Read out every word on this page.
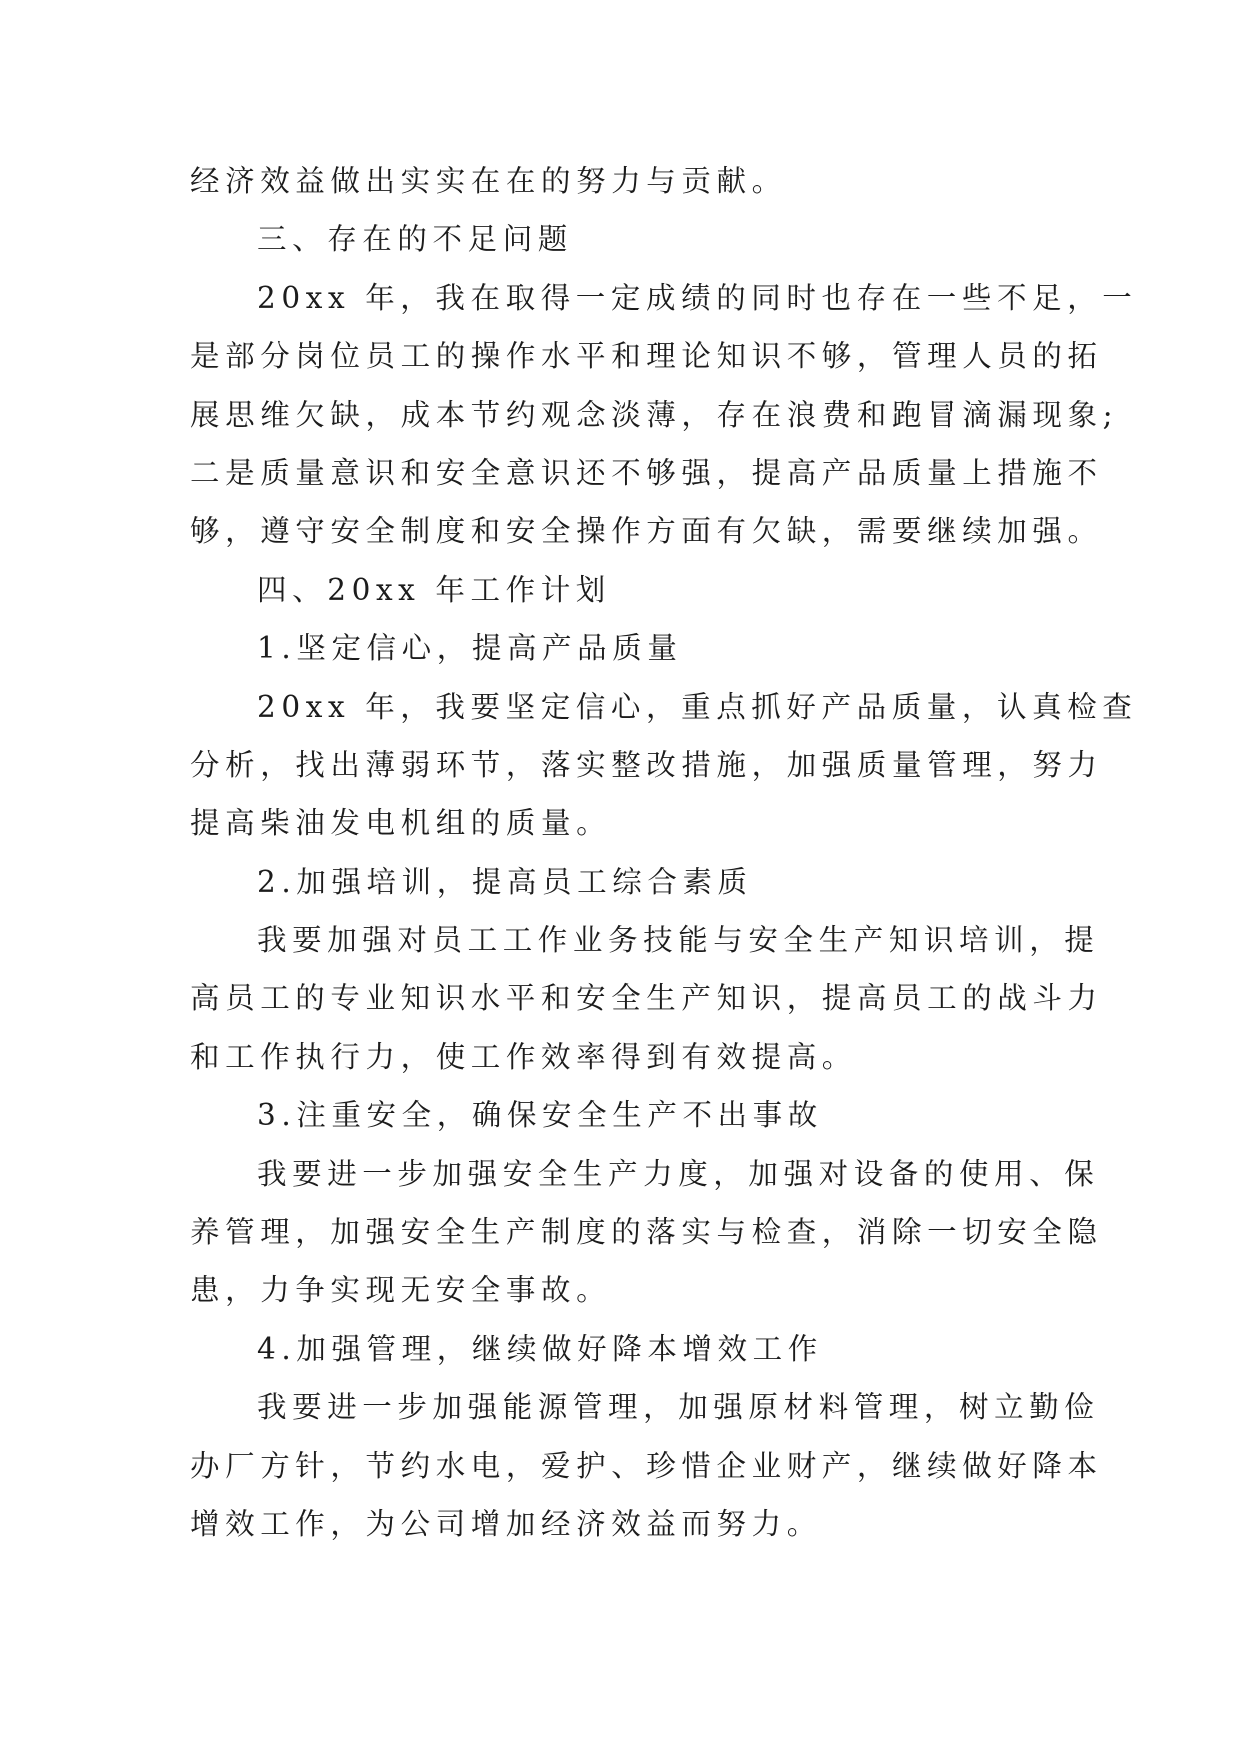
经济效益做出实实在在的努力与贡献。
三、存在的不足问题
20xx 年，我在取得一定成绩的同时也存在一些不足，一
是部分岗位员工的操作水平和理论知识不够，管理人员的拓
展思维欠缺，成本节约观念淡薄，存在浪费和跑冒滴漏现象;
二是质量意识和安全意识还不够强，提高产品质量上措施不
够，遵守安全制度和安全操作方面有欠缺，需要继续加强。
四、20xx 年工作计划
1.坚定信心，提高产品质量
20xx 年，我要坚定信心，重点抓好产品质量，认真检查
分析，找出薄弱环节，落实整改措施，加强质量管理，努力
提高柴油发电机组的质量。
2.加强培训，提高员工综合素质
我要加强对员工工作业务技能与安全生产知识培训，提
高员工的专业知识水平和安全生产知识，提高员工的战斗力
和工作执行力，使工作效率得到有效提高。
3.注重安全，确保安全生产不出事故
我要进一步加强安全生产力度，加强对设备的使用、保
养管理，加强安全生产制度的落实与检查，消除一切安全隐
患，力争实现无安全事故。
4.加强管理，继续做好降本增效工作
我要进一步加强能源管理，加强原材料管理，树立勤俭
办厂方针，节约水电，爱护、珍惜企业财产，继续做好降本
增效工作，为公司增加经济效益而努力。
